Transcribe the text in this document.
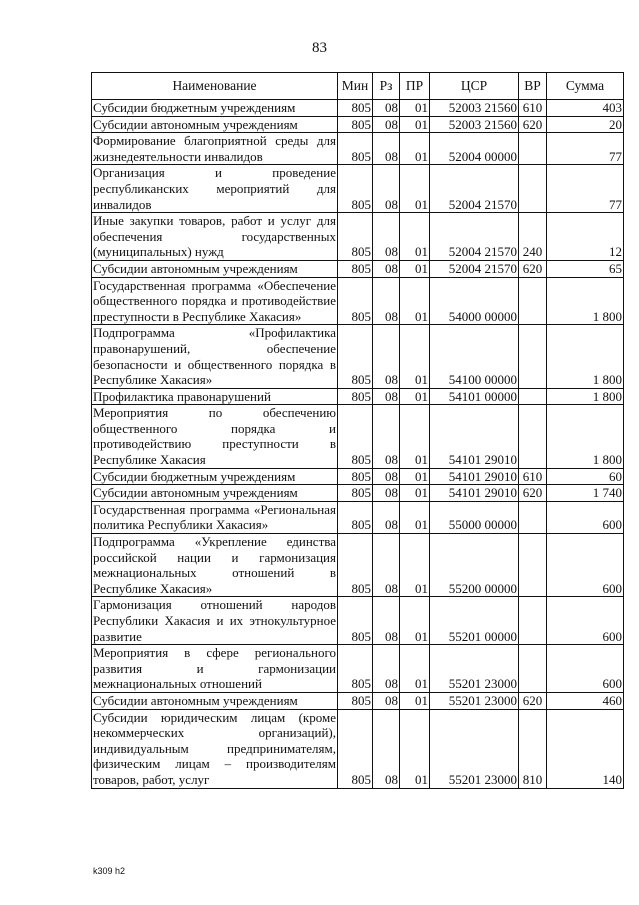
83
Наименование	Мин	Рз	ПР	ЦСР	ВР	Сумма
Субсидии бюджетным учреждениям	805	08	01	52003 21560	610	403
Субсидии автономным учреждениям	805	08	01	52003 21560	620	20
Формирование благоприятной среды для жизнедеятельности инвалидов	805	08	01	52004 00000		77
Организация и проведение республиканских мероприятий для инвалидов	805	08	01	52004 21570		77
Иные закупки товаров, работ и услуг для обеспечения государственных (муниципальных) нужд	805	08	01	52004 21570	240	12
Субсидии автономным учреждениям	805	08	01	52004 21570	620	65
Государственная программа «Обеспечение общественного порядка и противодействие преступности в Республике Хакасия»	805	08	01	54000 00000		1 800
Подпрограмма «Профилактика правонарушений, обеспечение безопасности и общественного порядка в Республике Хакасия»	805	08	01	54100 00000		1 800
Профилактика правонарушений	805	08	01	54101 00000		1 800
Мероприятия по обеспечению общественного порядка и противодействию преступности в Республике Хакасия	805	08	01	54101 29010		1 800
Субсидии бюджетным учреждениям	805	08	01	54101 29010	610	60
Субсидии автономным учреждениям	805	08	01	54101 29010	620	1 740
Государственная программа «Региональная политика Республики Хакасия»	805	08	01	55000 00000		600
Подпрограмма «Укрепление единства российской нации и гармонизация межнациональных отношений в Республике Хакасия»	805	08	01	55200 00000		600
Гармонизация отношений народов Республики Хакасия и их этнокультурное развитие	805	08	01	55201 00000		600
Мероприятия в сфере регионального развития и гармонизации межнациональных отношений	805	08	01	55201 23000		600
Субсидии автономным учреждениям	805	08	01	55201 23000	620	460
Субсидии юридическим лицам (кроме некоммерческих организаций), индивидуальным предпринимателям, физическим лицам – производителям товаров, работ, услуг	805	08	01	55201 23000	810	140
k309 h2
